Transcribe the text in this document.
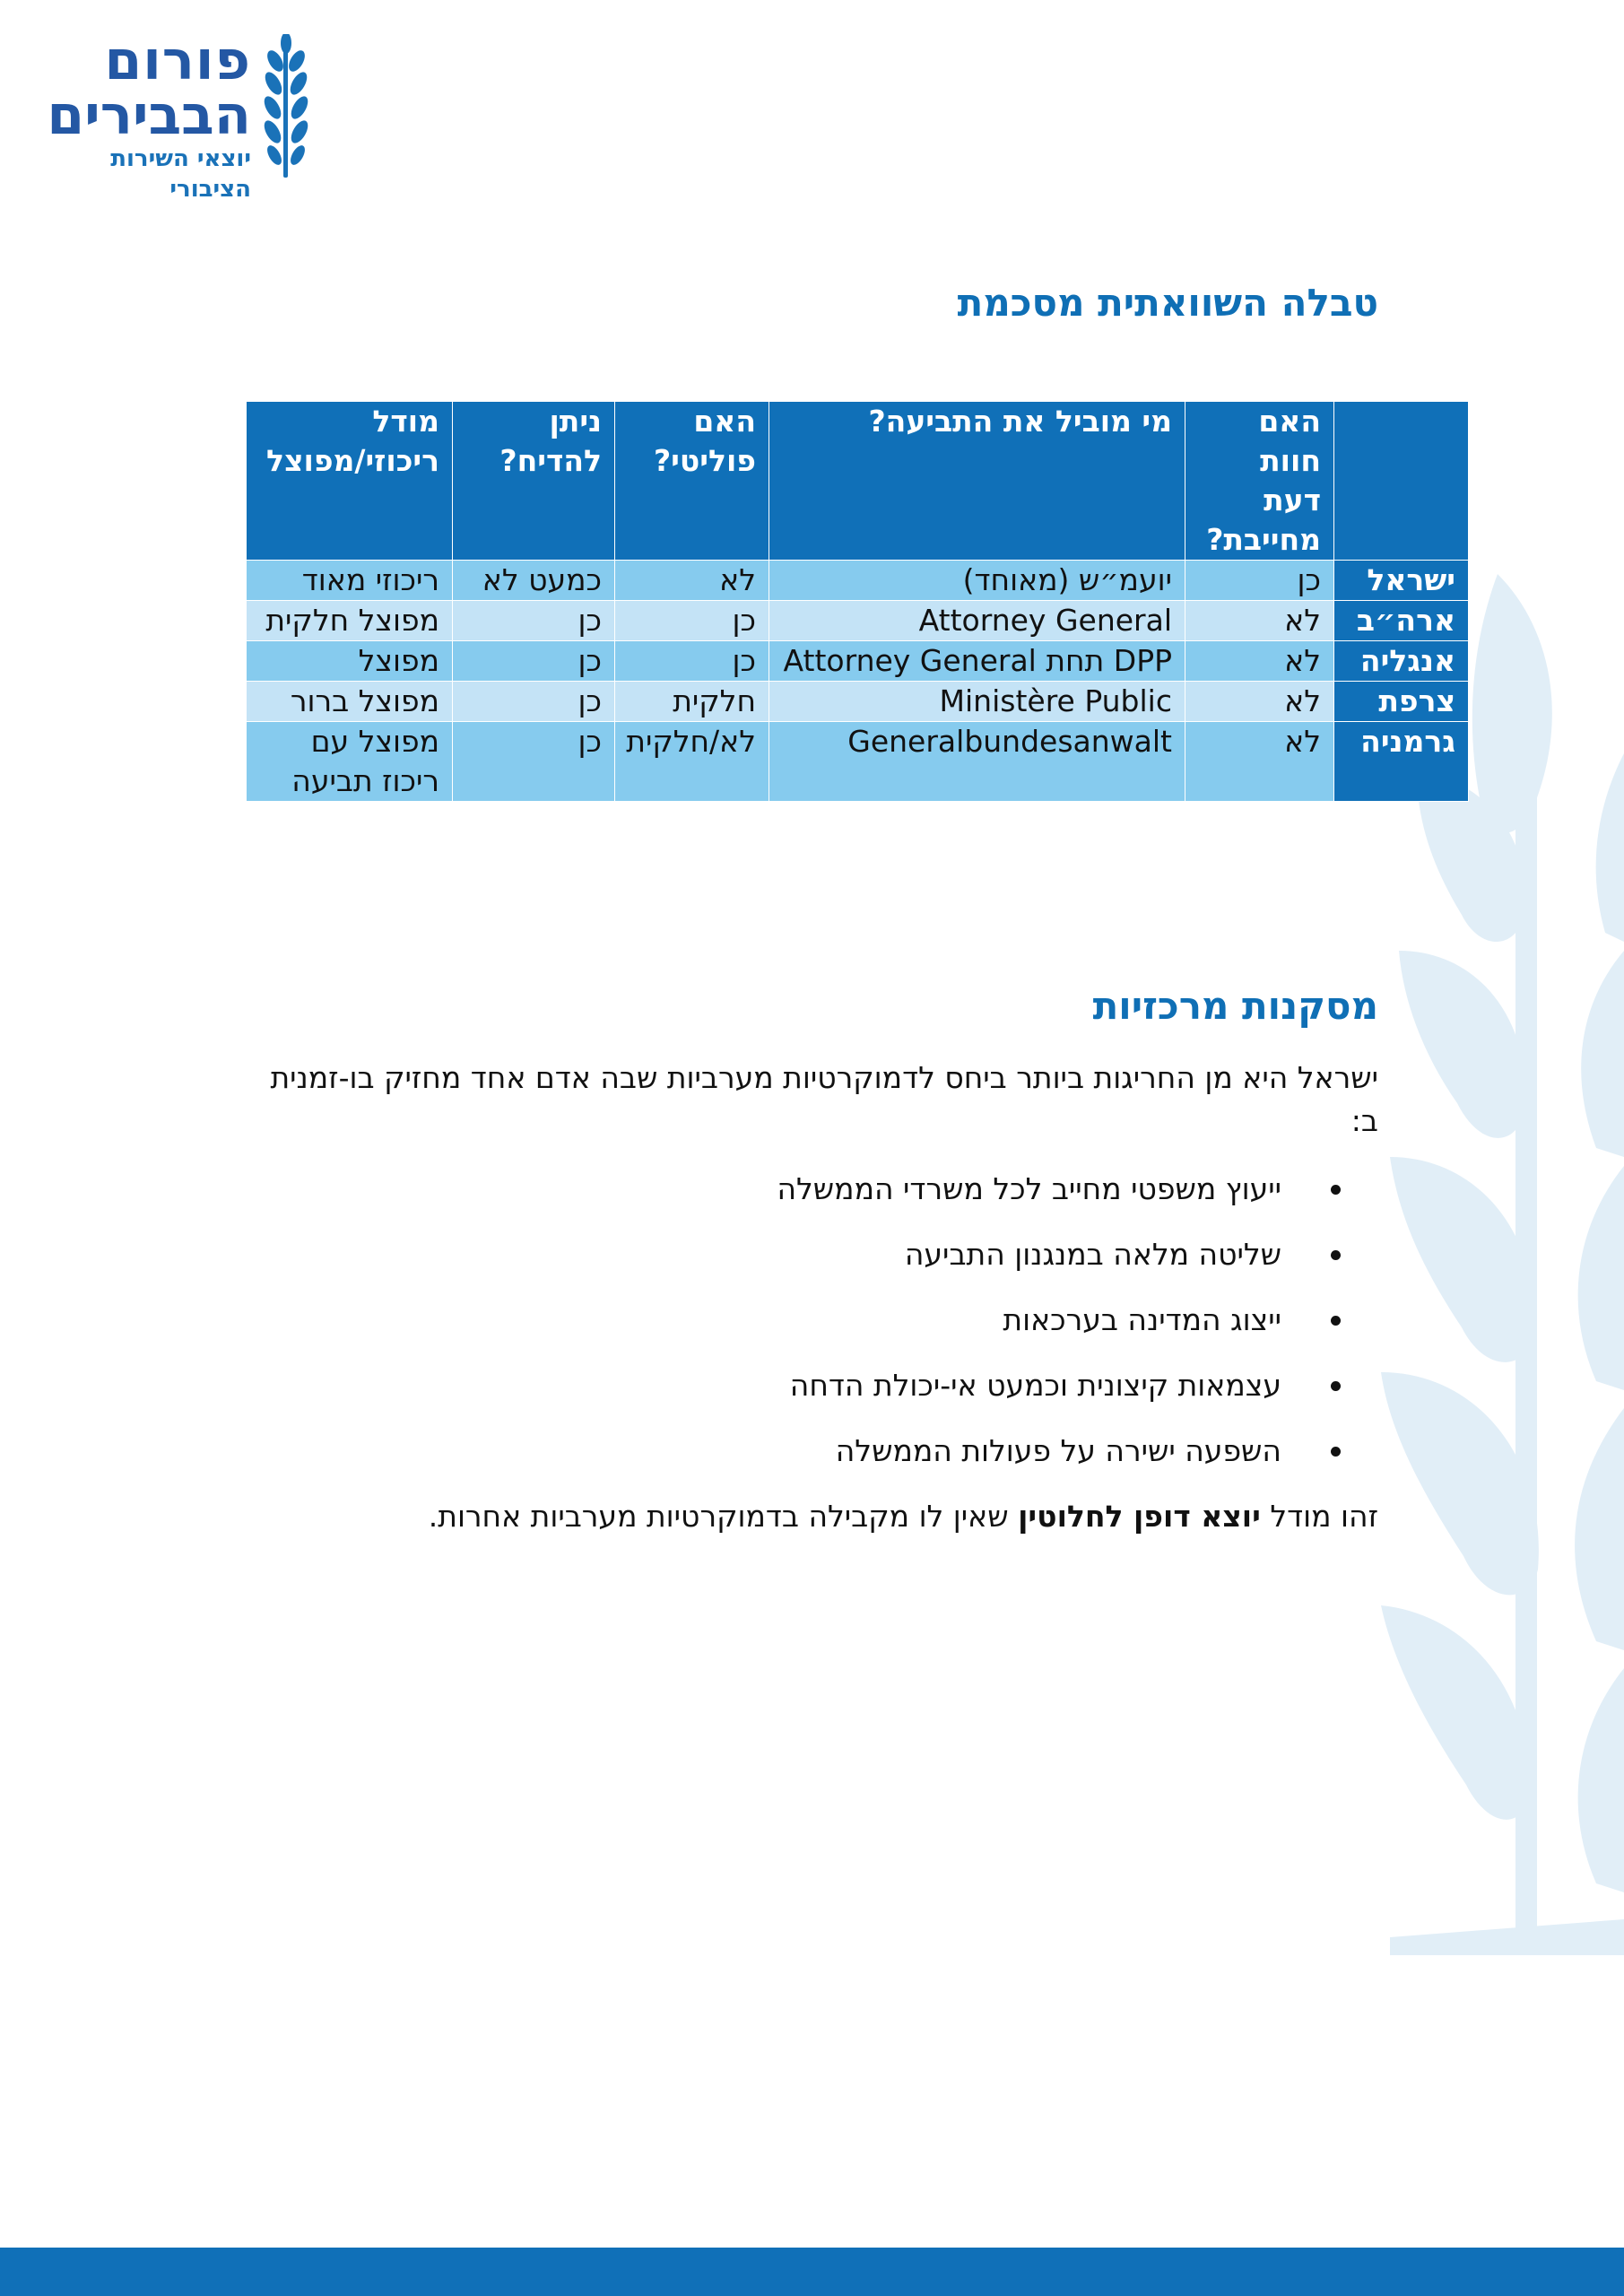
פורום
הבבירים
יוצאי השירות הציבורי
טבלה השוואתית מסכמת
	האם חוות דעת מחייבת?	מי מוביל את התביעה?	האם פוליטי?	ניתן להדיח?	מודל ריכוזי/מפוצל
ישראל	כן	יועמ״ש (מאוחד)	לא	כמעט לא	ריכוזי מאוד
ארה״ב	לא	Attorney General	כן	כן	מפוצל חלקית
אנגליה	לא	DPP תחת Attorney General	כן	כן	מפוצל
צרפת	לא	Ministère Public	חלקית	כן	מפוצל ברור
גרמניה	לא	Generalbundesanwalt	לא/חלקית	כן	מפוצל עם ריכוז תביעה
מסקנות מרכזיות

ישראל היא מן החריגות ביותר ביחס לדמוקרטיות מערביות שבה אדם אחד מחזיק בו-זמנית ב:

ייעוץ משפטי מחייב לכל משרדי הממשלה
שליטה מלאה במנגנון התביעה
ייצוג המדינה בערכאות
עצמאות קיצונית וכמעט אי-יכולת הדחה
השפעה ישירה על פעולות הממשלה

זהו מודל יוצא דופן לחלוטין שאין לו מקבילה בדמוקרטיות מערביות אחרות.
